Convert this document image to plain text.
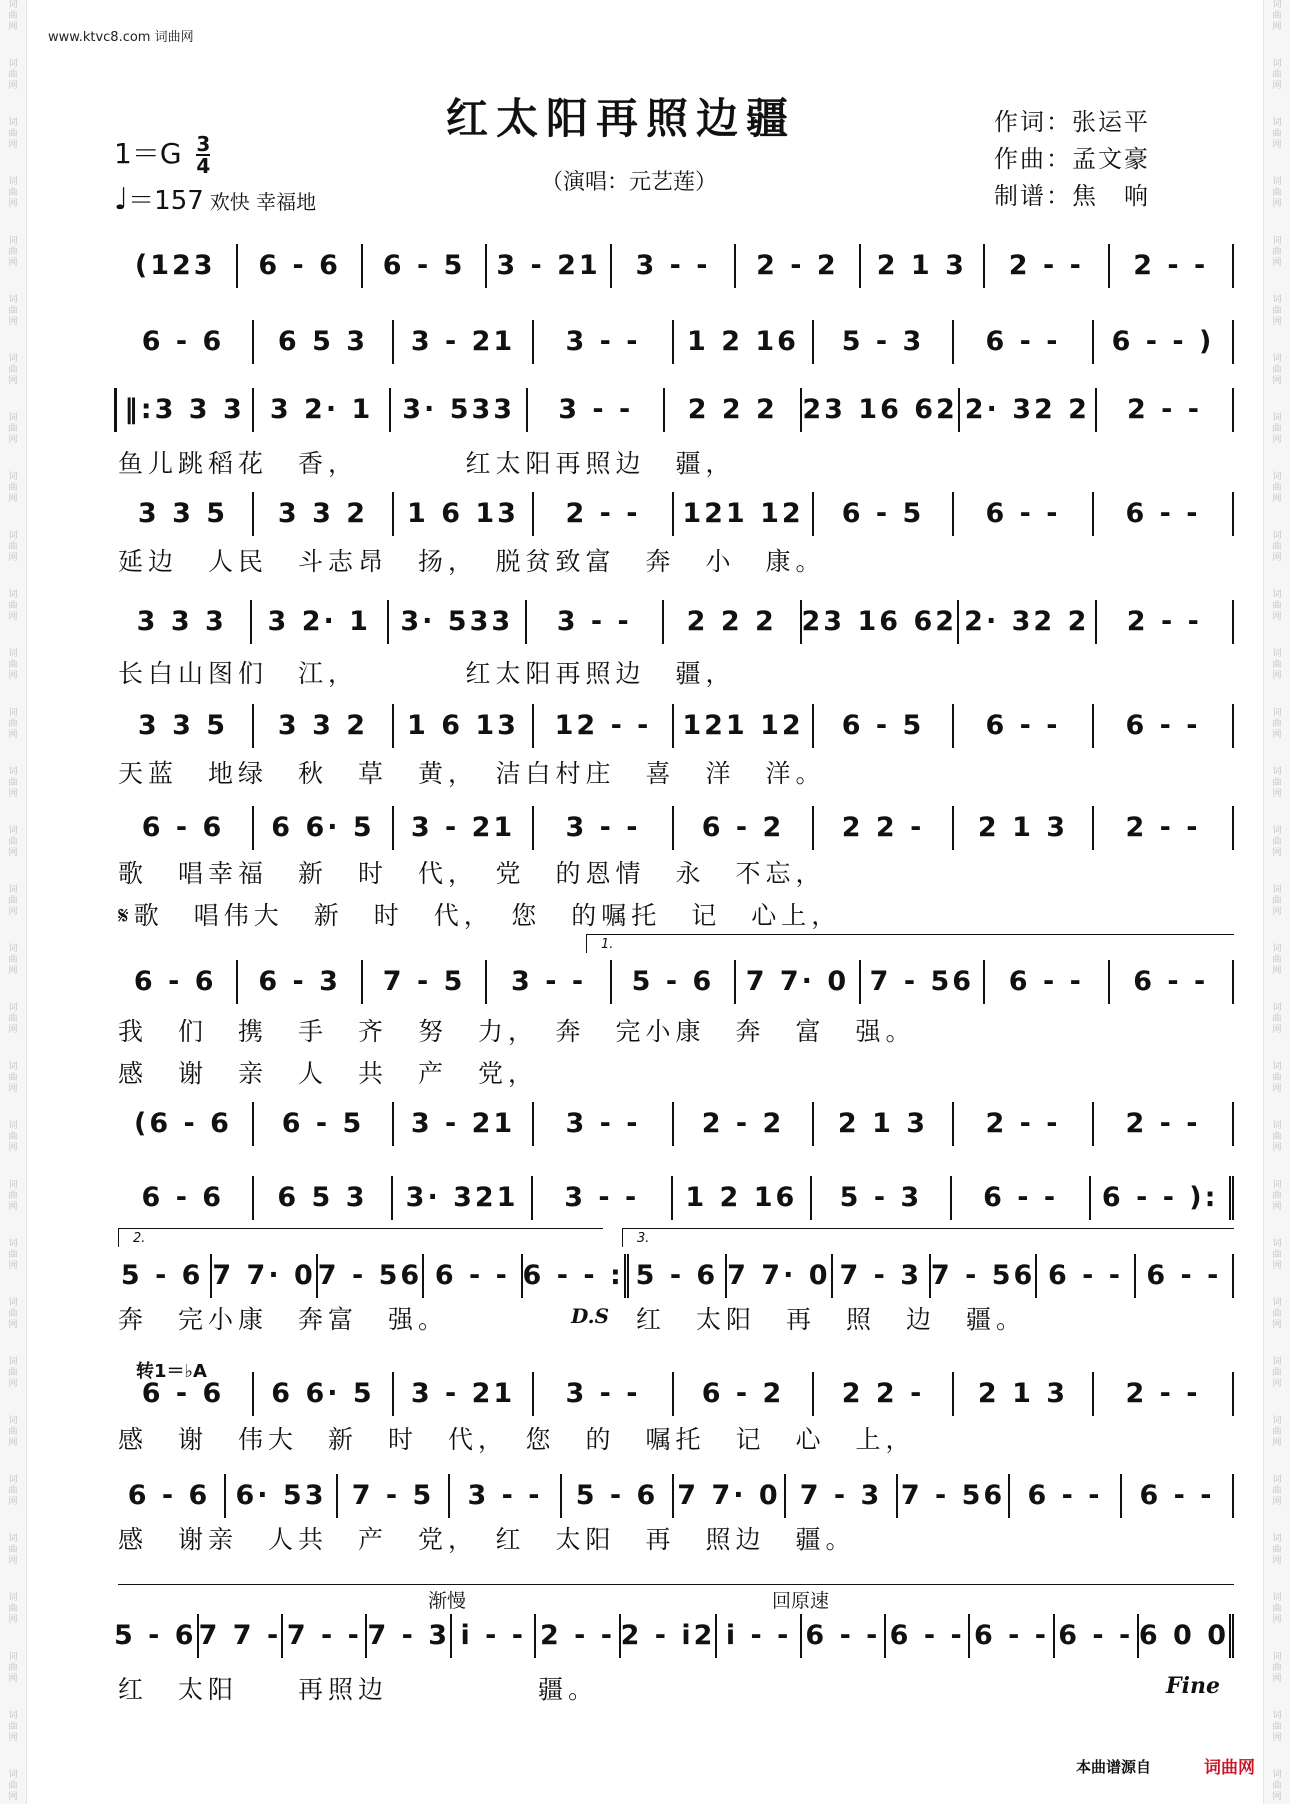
词
曲
网
词
曲
网
词
曲
网
词
曲
网
词
曲
网
词
曲
网
词
曲
网
词
曲
网
词
曲
网
词
曲
网
词
曲
网
词
曲
网
词
曲
网
词
曲
网
词
曲
网
词
曲
网
词
曲
网
词
曲
网
词
曲
网
词
曲
网
词
曲
网
词
曲
网
词
曲
网
词
曲
网
词
曲
网
词
曲
网
词
曲
网
词
曲
网
词
曲
网
词
曲
网
词
曲
网
词
曲
网
词
曲
网
词
曲
网
词
曲
网
词
曲
网
词
曲
网
词
曲
网
词
曲
网
词
曲
网
词
曲
网
词
曲
网
词
曲
网
词
曲
网
词
曲
网
词
曲
网
词
曲
网
词
曲
网
词
曲
网
词
曲
网
词
曲
网
词
曲
网
词
曲
网
词
曲
网
词
曲
网
词
曲
网
词
曲
网
词
曲
网
词
曲
网
词
曲
网
词
曲
网
词
曲
网
www.ktvc8.com 词曲网
红太阳再照边疆
（演唱：元艺莲）
作词：张运平
作曲：孟文豪
制谱：焦　响
$1=G \frac{3}{4}$
♩＝157 欢快 幸福地
(123	6 - 6	6 - 5	3 - 21	3 - -	2 - 2	2 1 3	2 - -	2 - -
6 - 6	6 5 3	3 - 21	3 - -	1 2 16	5 - 3	6 - -	6 - - )
‖:3 3 3 3 2· 1	3· 533	3 - -	2 2 2 23 16 62 2· 32 2	2 - -
鱼儿跳稻花　香，　　　　红太阳再照边　疆，
3 3 5	3 3 2	1 6 13	2 - -	121 12	6 - 5	6 - -	6 - -
延边　人民　斗志昂　扬，　脱贫致富　奔　小　康。
3 3 3	3 2· 1	3· 533	3 - -	2 2 2 23 16 62 2· 32 2	2 - -
长白山图们　江，　　　　红太阳再照边　疆，
3 3 5	3 3 2	1 6 13	12 - -	121 12	6 - 5	6 - -	6 - -
天蓝　地绿　秋　草　黄，　洁白村庄　喜　洋　洋。
6 - 6	6 6· 5	3 - 21	3 - -	6 - 2	2 2 -	2 1 3	2 - -
歌　唱幸福　新　时　代，　党　的恩情　永　不忘，
𝄋歌　唱伟大　新　时　代，　您　的嘱托　记　心上，
1.
6 - 6	6 - 3	7 - 5	3 - -	5 - 6	7 7· 0 7 - 56	6 - -	6 - -
我　们　携　手　齐　努　力，　奔　完小康　奔　富　强。
感　谢　亲　人　共　产　党，
(6 - 6	6 - 5	3 - 21	3 - -	2 - 2	2 1 3	2 - -	2 - -
6 - 6	6 5 3	3· 321	3 - -	1 2 16	5 - 3	6 - -	6 - - ):
2.	3.
5 - 6 7 7· 0 7 - 56 6 - - 6 - - : 5 - 6 7 7· 0 7 - 3 7 - 56 6 - - 6 - -
奔　完小康　奔富　强。	D.S 红　太阳　再　照　边　疆。
转1＝♭A
6 - 6	6 6· 5	3 - 21	3 - -	6 - 2	2 2 -	2 1 3	2 - -
感　谢　伟大　新　时　代，　您　的　嘱托　记　心　上，
6 - 6 6· 53 7 - 5	3 - -	5 - 6 7 7· 0 7 - 3 7 - 56 6 - -	6 - -
感　谢亲　人共　产　党，　红　太阳　再　照边　疆。
渐慢	回原速
5 - 6 7 7 - 7 - - 7 - 3 i - - 2 - - 2 - i2 i - - 6 - - 6 - - 6 - - 6 - - 6 0 0
红　太阳　　再照边　　　　　疆。	Fine
本曲谱源自	词曲网
